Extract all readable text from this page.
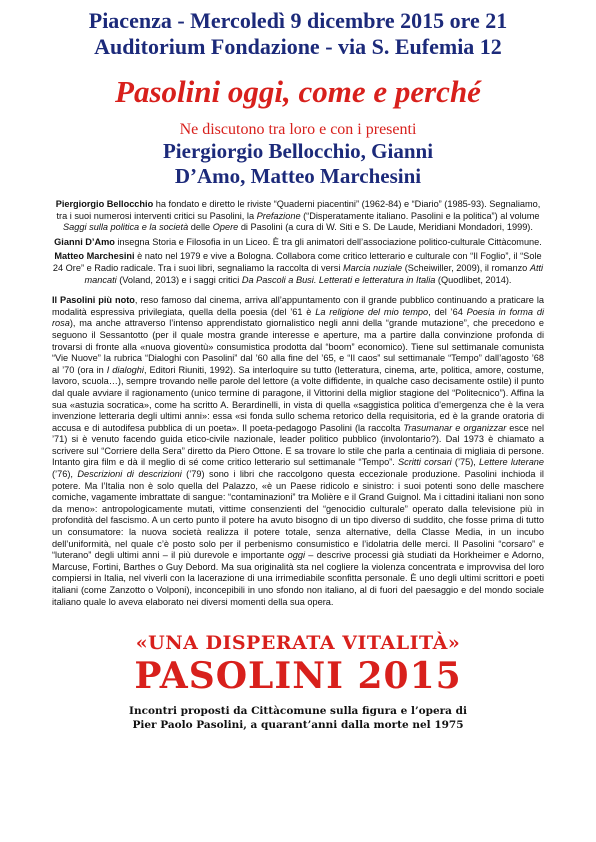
Piacenza - Mercoledì 9 dicembre 2015 ore 21
Auditorium Fondazione - via S. Eufemia 12
Pasolini oggi, come e perché

Ne discutono tra loro e con i presenti

Piergiorgio Bellocchio, Gianni

D’Amo, Matteo Marchesini

Piergiorgio Bellocchio ha fondato e diretto le riviste “Quaderni piacentini” (1962-84) e “Diario” (1985-93). Segnaliamo, tra i suoi numerosi interventi critici su Pasolini, la Prefazione (“Disperatamente italiano. Pasolini e la politica”) al volume Saggi sulla politica e la società delle Opere di Pasolini (a cura di W. Siti e S. De Laude, Meridiani Mondadori, 1999).

Gianni D’Amo insegna Storia e Filosofia in un Liceo. È tra gli animatori dell’associazione politico-culturale Cittàcomune.

Matteo Marchesini è nato nel 1979 e vive a Bologna. Collabora come critico letterario e culturale con “Il Foglio”, il “Sole 24 Ore” e Radio radicale. Tra i suoi libri, segnaliamo la raccolta di versi Marcia nuziale (Scheiwiller, 2009), il romanzo Atti mancati (Voland, 2013) e i saggi critici Da Pascoli a Busi. Letterati e letteratura in Italia (Quodlibet, 2014).

Il Pasolini più noto, reso famoso dal cinema, arriva all’appuntamento con il grande pubblico continuando a praticare la modalità espressiva privilegiata, quella della poesia (del ’61 è La religione del mio tempo, del ’64 Poesia in forma di rosa), ma anche attraverso l’intenso apprendistato giornalistico negli anni della “grande mutazione”, che precedono e seguono il Sessantotto (per il quale mostra grande interesse e aperture, ma a partire dalla convinzione profonda di trovarsi di fronte alla «nuova gioventù» consumistica prodotta dal “boom” economico). Tiene sul settimanale comunista “Vie Nuove” la rubrica “Dialoghi con Pasolini” dal ’60 alla fine del ’65, e “Il caos” sul settimanale “Tempo” dall’agosto ’68 al ’70 (ora in I dialoghi, Editori Riuniti, 1992). Sa interloquire su tutto (letteratura, cinema, arte, politica, amore, costume, lavoro, scuola…), sempre trovando nelle parole del lettore (a volte diffidente, in qualche caso decisamente ostile) il punto dal quale avviare il ragionamento (unico termine di paragone, il Vittorini della miglior stagione del “Politecnico”). Affina la sua «astuzia socratica», come ha scritto A. Berardinelli, in vista di quella «saggistica politica d’emergenza che è la vera invenzione letteraria degli ultimi anni»: essa «si fonda sullo schema retorico della requisitoria, ed è la grande oratoria di accusa e di autodifesa pubblica di un poeta». Il poeta-pedagogo Pasolini (la raccolta Trasumanar e organizzar esce nel ’71) si è venuto facendo guida etico-civile nazionale, leader politico pubblico (involontario?). Dal 1973 è chiamato a scrivere sul “Corriere della Sera” diretto da Piero Ottone. E sa trovare lo stile che parla a centinaia di migliaia di persone. Intanto gira film e dà il meglio di sé come critico letterario sul settimanale “Tempo”. Scritti corsari (’75), Lettere luterane (’76), Descrizioni di descrizioni (’79) sono i libri che raccolgono questa eccezionale produzione. Pasolini inchioda il potere. Ma l’Italia non è solo quella del Palazzo, «è un Paese ridicolo e sinistro: i suoi potenti sono delle maschere comiche, vagamente imbrattate di sangue: “contaminazioni” tra Molière e il Grand Guignol. Ma i cittadini italiani non sono da meno»: antropologicamente mutati, vittime consenzienti del “genocidio culturale” operato dalla televisione più in profondità del fascismo. A un certo punto il potere ha avuto bisogno di un tipo diverso di suddito, che fosse prima di tutto un consumatore: la nuova società realizza il potere totale, senza alternative, della Classe Media, in un incubo dell’uniformità, nel quale c’è posto solo per il perbenismo consumistico e l’idolatria delle merci. Il Pasolini “corsaro” e “luterano” degli ultimi anni – il più durevole e importante oggi – descrive processi già studiati da Horkheimer e Adorno, Marcuse, Fortini, Barthes o Guy Debord. Ma sua originalità sta nel cogliere la violenza concentrata e improvvisa del loro compiersi in Italia, nel viverli con la lacerazione di una irrimediabile sconfitta personale. È uno degli ultimi scrittori e poeti italiani (come Zanzotto o Volponi), inconcepibili in uno sfondo non italiano, al di fuori del paesaggio e del mondo sociale italiano quale lo aveva elaborato nei diversi momenti della sua opera.

«UNA DISPERATA VITALITÀ»

PASOLINI 2015

Incontri proposti da Cittàcomune sulla figura e l’opera di

Pier Paolo Pasolini, a quarant’anni dalla morte nel 1975
